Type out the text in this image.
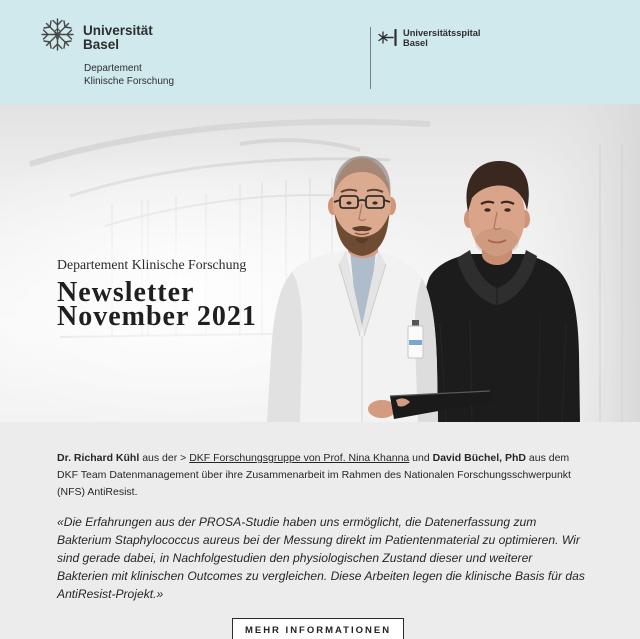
Universität
Basel
Departement
Klinische Forschung
Universitätsspital
Basel
Departement Klinische Forschung
Newsletter
November 2021
Dr. Richard Kühl aus der > DKF Forschungsgruppe von Prof. Nina Khanna und David Büchel, PhD aus dem
DKF Team Datenmanagement über ihre Zusammenarbeit im Rahmen des Nationalen Forschungsschwerpunkt
(NFS) AntiResist.
«Die Erfahrungen aus der PROSA-Studie haben uns ermöglicht, die Datenerfassung zum
Bakterium Staphylococcus aureus bei der Messung direkt im Patientenmaterial zu optimieren. Wir
sind gerade dabei, in Nachfolgestudien den physiologischen Zustand dieser und weiterer
Bakterien mit klinischen Outcomes zu vergleichen. Diese Arbeiten legen die klinische Basis für das
AntiResist-Projekt.»
MEHR INFORMATIONEN
